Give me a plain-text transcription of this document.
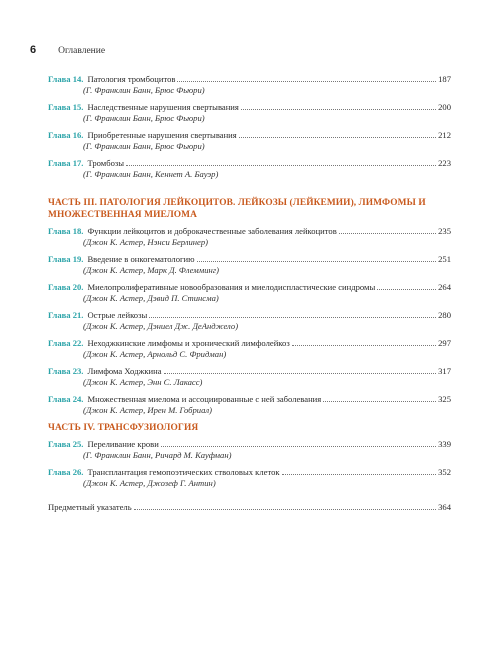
6 Оглавление
Глава 14. Патология тромбоцитов	187
(Г. Франклин Банн, Брюс Фьюри)
Глава 15. Наследственные нарушения свертывания	200
(Г. Франклин Банн, Брюс Фьюри)
Глава 16. Приобретенные нарушения свертывания	212
(Г. Франклин Банн, Брюс Фьюри)
Глава 17. Тромбозы	223
(Г. Франклин Банн, Кеннет А. Бауэр)
ЧАСТЬ III. ПАТОЛОГИЯ ЛЕЙКОЦИТОВ. ЛЕЙКОЗЫ (ЛЕЙКЕМИИ), ЛИМФОМЫ И МНОЖЕСТВЕННАЯ МИЕЛОМА
Глава 18. Функции лейкоцитов и доброкачественные заболевания лейкоцитов	235
(Джон К. Астер, Нэнси Берлинер)
Глава 19. Введение в онкогематологию	251
(Джон К. Астер, Марк Д. Флемминг)
Глава 20. Миелопролиферативные новообразования и миелодиспластические синдромы	264
(Джон К. Астер, Дэвид П. Стинсма)
Глава 21. Острые лейкозы	280
(Джон К. Астер, Дэниел Дж. ДеАнджело)
Глава 22. Неходжкинские лимфомы и хронический лимфолейкоз	297
(Джон К. Астер, Арнольд С. Фридман)
Глава 23. Лимфома Ходжкина	317
(Джон К. Астер, Энн С. Лакасс)
Глава 24. Множественная миелома и ассоциированные с ней заболевания	325
(Джон К. Астер, Ирен М. Гобриал)
ЧАСТЬ IV. ТРАНСФУЗИОЛОГИЯ
Глава 25. Переливание крови	339
(Г. Франклин Банн, Ричард М. Кауфман)
Глава 26. Трансплантация гемопоэтических стволовых клеток	352
(Джон К. Астер, Джозеф Г. Антин)
Предметный указатель	364
